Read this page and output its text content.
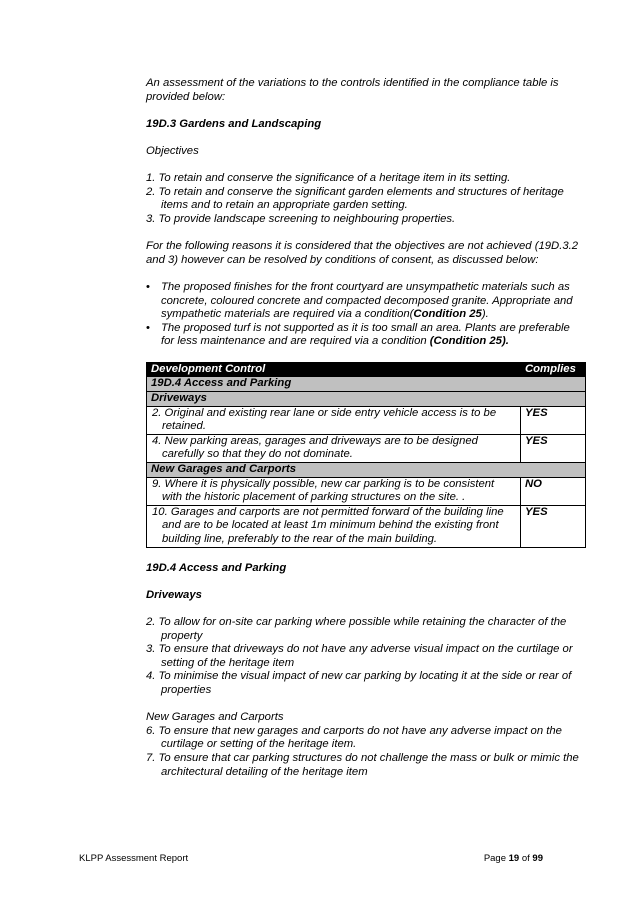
An assessment of the variations to the controls identified in the compliance table is provided below:

19D.3 Gardens and Landscaping

Objectives

1. To retain and conserve the significance of a heritage item in its setting.
2. To retain and conserve the significant garden elements and structures of heritage items and to retain an appropriate garden setting.
3. To provide landscape screening to neighbouring properties.

For the following reasons it is considered that the objectives are not achieved (19D.3.2 and 3) however can be resolved by conditions of consent, as discussed below:

• The proposed finishes for the front courtyard are unsympathetic materials such as concrete, coloured concrete and compacted decomposed granite. Appropriate and sympathetic materials are required via a condition(Condition 25).
• The proposed turf is not supported as it is too small an area. Plants are preferable for less maintenance and are required via a condition (Condition 25).
Development Control	Complies
19D.4 Access and Parking	
Driveways	
2. Original and existing rear lane or side entry vehicle access is to be retained.	YES
4. New parking areas, garages and driveways are to be designed carefully so that they do not dominate.	YES
New Garages and Carports	
9. Where it is physically possible, new car parking is to be consistent with the historic placement of parking structures on the site. .	NO
10. Garages and carports are not permitted forward of the building line and are to be located at least 1m minimum behind the existing front building line, preferably to the rear of the main building.	YES

19D.4 Access and Parking

Driveways

2. To allow for on-site car parking where possible while retaining the character of the property
3. To ensure that driveways do not have any adverse visual impact on the curtilage or setting of the heritage item
4. To minimise the visual impact of new car parking by locating it at the side or rear of properties

New Garages and Carports

6. To ensure that new garages and carports do not have any adverse impact on the curtilage or setting of the heritage item.
7. To ensure that car parking structures do not challenge the mass or bulk or mimic the architectural detailing of the heritage item
KLPP Assessment Report	Page 19 of 99
